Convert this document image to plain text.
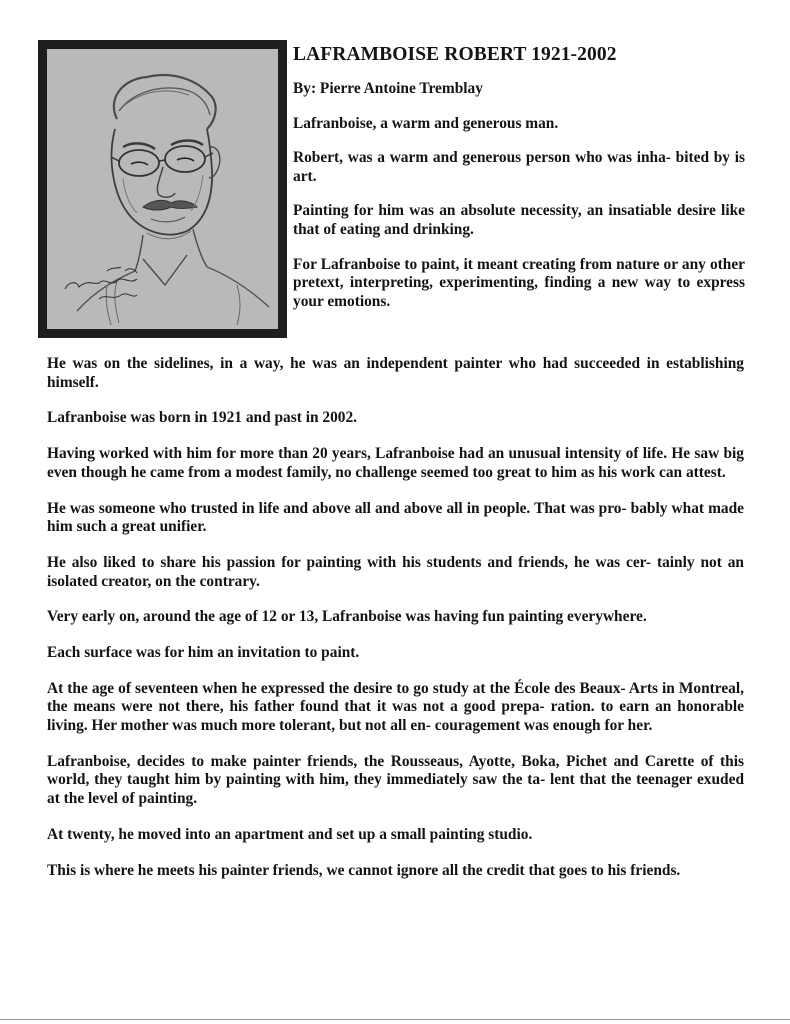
LAFRAMBOISE ROBERT 1921-2002

By: Pierre Antoine Tremblay

Lafranboise, a warm and generous man.

Robert, was a warm and generous person who was inha- bited by is art.

Painting for him was an absolute necessity, an insatiable desire like that of eating and drinking.

For Lafranboise to paint, it meant creating from nature or any other pretext, interpreting, experimenting, finding a new way to express your emotions.

He was on the sidelines, in a way, he was an independent painter who had succeeded in establishing himself.

Lafranboise was born in 1921 and past in 2002.

Having worked with him for more than 20 years, Lafranboise had an unusual intensity of life. He saw big even though he came from a modest family, no challenge seemed too great to him as his work can attest.

He was someone who trusted in life and above all and above all in people. That was pro- bably what made him such a great unifier.

He also liked to share his passion for painting with his students and friends, he was cer- tainly not an isolated creator, on the contrary.

Very early on, around the age of 12 or 13, Lafranboise was having fun painting everywhere.

Each surface was for him an invitation to paint.

At the age of seventeen when he expressed the desire to go study at the École des Beaux- Arts in Montreal, the means were not there, his father found that it was not a good prepa- ration. to earn an honorable living. Her mother was much more tolerant, but not all en- couragement was enough for her.

Lafranboise, decides to make painter friends, the Rousseaus, Ayotte, Boka, Pichet and Carette of this world, they taught him by painting with him, they immediately saw the ta- lent that the teenager exuded at the level of painting.

At twenty, he moved into an apartment and set up a small painting studio.

This is where he meets his painter friends, we cannot ignore all the credit that goes to his friends.
